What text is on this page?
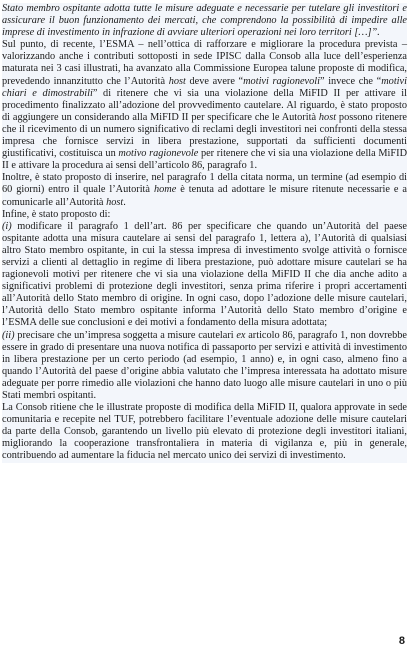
Stato membro ospitante adotta tutte le misure adeguate e necessarie per tutelare gli investitori e assicurare il buon funzionamento dei mercati, che comprendono la possibilità di impedire alle imprese di investimento in infrazione di avviare ulteriori operazioni nei loro territori […]”.

Sul punto, di recente, l’ESMA – nell’ottica di rafforzare e migliorare la procedura prevista – valorizzando anche i contributi sottoposti in sede IPISC dalla Consob alla luce dell’esperienza maturata nei 3 casi illustrati, ha avanzato alla Commissione Europea talune proposte di modifica, prevedendo innanzitutto che l’Autorità host deve avere “motivi ragionevoli” invece che “motivi chiari e dimostrabili” di ritenere che vi sia una violazione della MiFID II per attivare il procedimento finalizzato all’adozione del provvedimento cautelare. Al riguardo, è stato proposto di aggiungere un considerando alla MiFID II per specificare che le Autorità host possono ritenere che il ricevimento di un numero significativo di reclami degli investitori nei confronti della stessa impresa che fornisce servizi in libera prestazione, supportati da sufficienti documenti giustificativi, costituisca un motivo ragionevole per ritenere che vi sia una violazione della MiFID II e attivare la procedura ai sensi dell’articolo 86, paragrafo 1.

Inoltre, è stato proposto di inserire, nel paragrafo 1 della citata norma, un termine (ad esempio di 60 giorni) entro il quale l’Autorità home è tenuta ad adottare le misure ritenute necessarie e a comunicarle all’Autorità host.

Infine, è stato proposto di:

(i) modificare il paragrafo 1 dell’art. 86 per specificare che quando un’Autorità del paese ospitante adotta una misura cautelare ai sensi del paragrafo 1, lettera a), l’Autorità di qualsiasi altro Stato membro ospitante, in cui la stessa impresa di investimento svolge attività o fornisce servizi a clienti al dettaglio in regime di libera prestazione, può adottare misure cautelari se ha ragionevoli motivi per ritenere che vi sia una violazione della MiFID II che dia anche adito a significativi problemi di protezione degli investitori, senza prima riferire i propri accertamenti all’Autorità dello Stato membro di origine. In ogni caso, dopo l’adozione delle misure cautelari, l’Autorità dello Stato membro ospitante informa l’Autorità dello Stato membro d’origine e l’ESMA delle sue conclusioni e dei motivi a fondamento della misura adottata;

(ii) precisare che un’impresa soggetta a misure cautelari ex articolo 86, paragrafo 1, non dovrebbe essere in grado di presentare una nuova notifica di passaporto per servizi e attività di investimento in libera prestazione per un certo periodo (ad esempio, 1 anno) e, in ogni caso, almeno fino a quando l’Autorità del paese d’origine abbia valutato che l’impresa interessata ha adottato misure adeguate per porre rimedio alle violazioni che hanno dato luogo alle misure cautelari in uno o più Stati membri ospitanti.

La Consob ritiene che le illustrate proposte di modifica della MiFID II, qualora approvate in sede comunitaria e recepite nel TUF, potrebbero facilitare l’eventuale adozione delle misure cautelari da parte della Consob, garantendo un livello più elevato di protezione degli investitori italiani, migliorando la cooperazione transfrontaliera in materia di vigilanza e, più in generale, contribuendo ad aumentare la fiducia nel mercato unico dei servizi di investimento.

8
